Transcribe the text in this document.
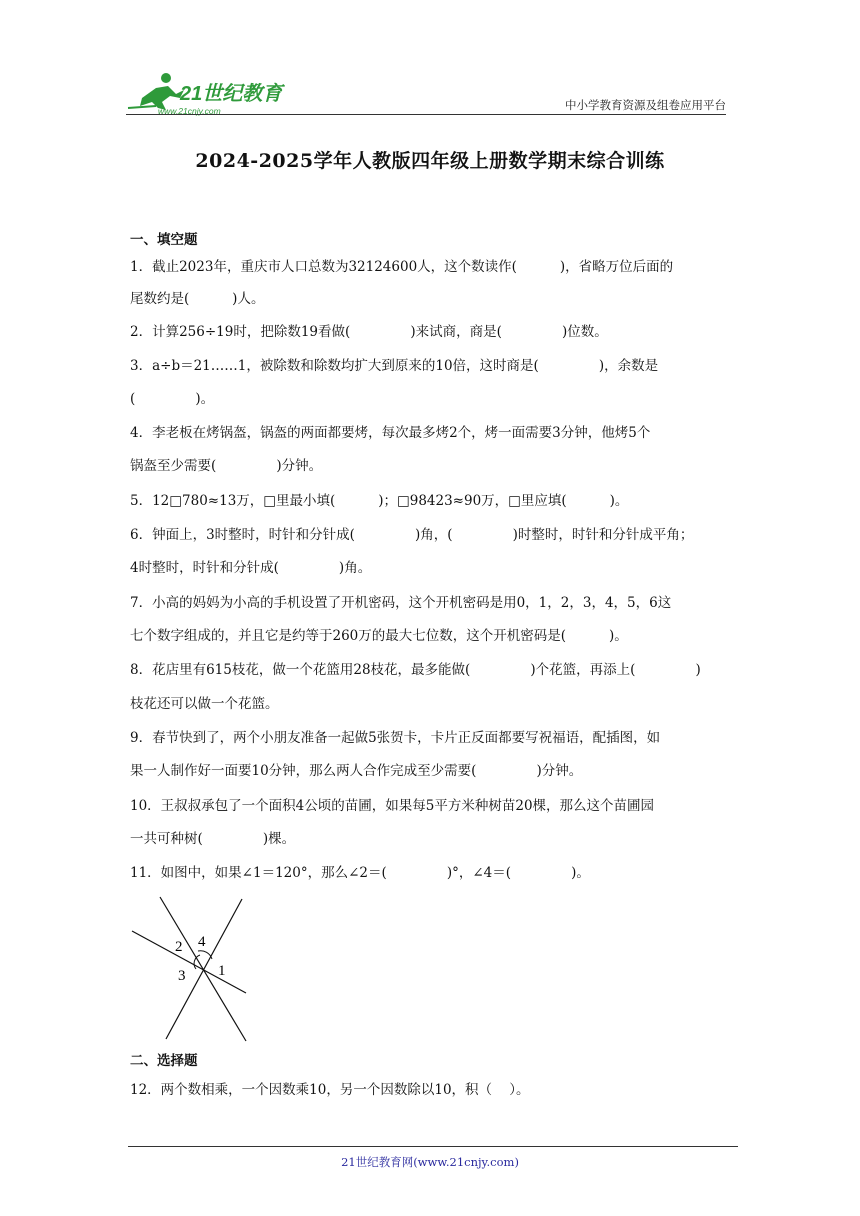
21世纪教育
www.21cnjy.com	中小学教育资源及组卷应用平台
2024-2025学年人教版四年级上册数学期末综合训练
一、填空题
1．截止2023年，重庆市人口总数为32124600人，这个数读作(          )，省略万位后面的
尾数约是(          )人。
2．计算256÷19时，把除数19看做(              )来试商，商是(              )位数。
3．a÷b＝21……1，被除数和除数均扩大到原来的10倍，这时商是(              )，余数是
(              )。
4．李老板在烤锅盔，锅盔的两面都要烤，每次最多烤2个，烤一面需要3分钟，他烤5个
锅盔至少需要(              )分钟。
5．12□780≈13万，□里最小填(          )；□98423≈90万，□里应填(          )。
6．钟面上，3时整时，时针和分针成(              )角，(              )时整时，时针和分针成平角；
4时整时，时针和分针成(              )角。
7．小高的妈妈为小高的手机设置了开机密码，这个开机密码是用0，1，2，3，4，5，6这
七个数字组成的，并且它是约等于260万的最大七位数，这个开机密码是(          )。
8．花店里有615枝花，做一个花篮用28枝花，最多能做(              )个花篮，再添上(              )
枝花还可以做一个花篮。
9．春节快到了，两个小朋友准备一起做5张贺卡，卡片正反面都要写祝福语，配插图，如
果一人制作好一面要10分钟，那么两人合作完成至少需要(              )分钟。
10．王叔叔承包了一个面积4公顷的苗圃，如果每5平方米种树苗20棵，那么这个苗圃园
一共可种树(              )棵。
11．如图中，如果∠1＝120°，那么∠2＝(              )°，∠4＝(              )。
2 4
3 1
二、选择题
12．两个数相乘，一个因数乘10，另一个因数除以10，积（    ）。
21世纪教育网(www.21cnjy.com)
